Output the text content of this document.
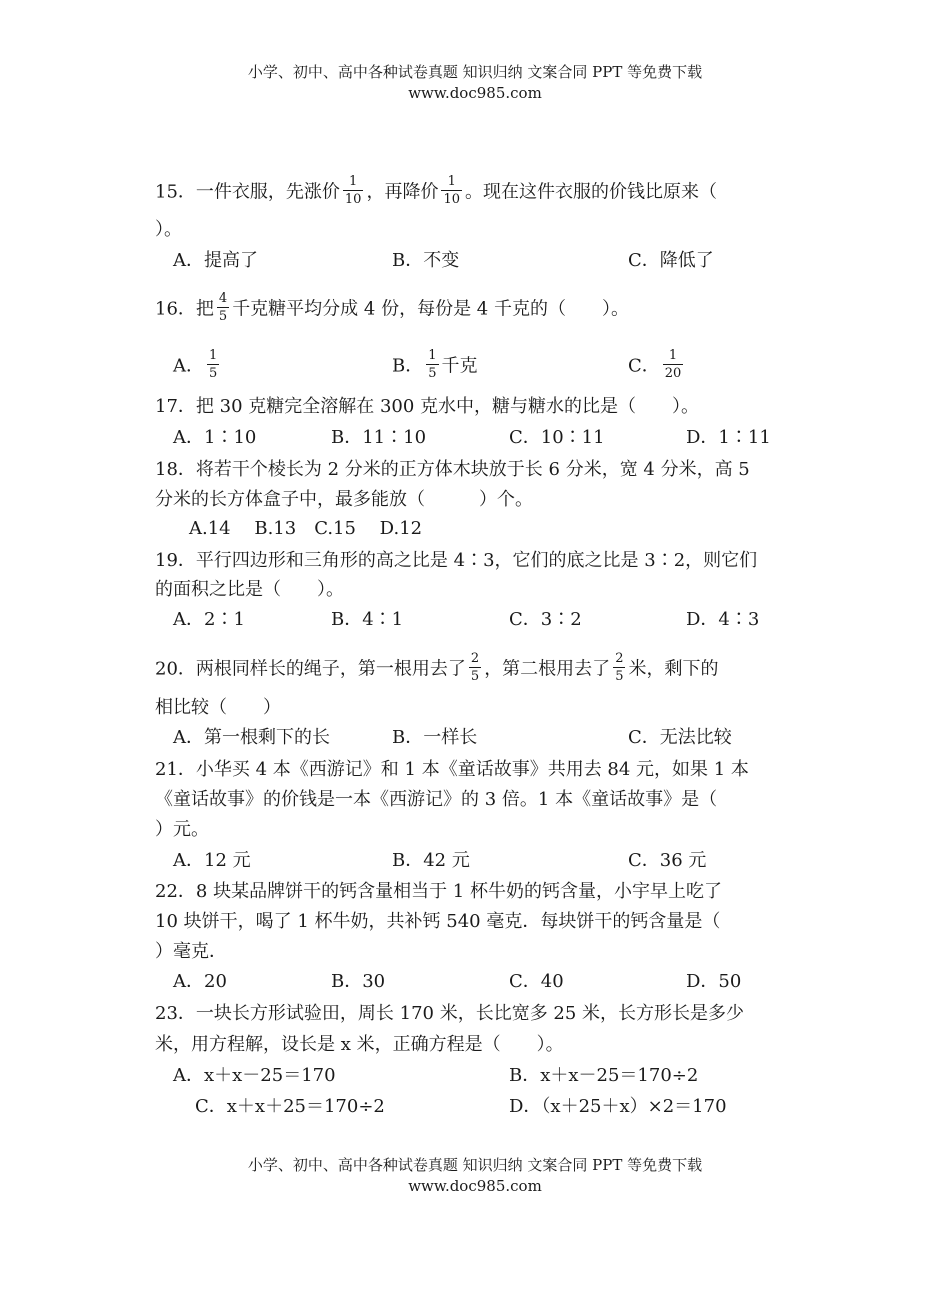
小学、初中、高中各种试卷真题 知识归纳 文案合同 PPT 等免费下载
www.doc985.com
15．一件衣服，先涨价 $\frac{1}{10}$ ，再降价 $\frac{1}{10}$ 。现在这件衣服的价钱比原来（
）。
A．提高了	B．不变	C．降低了
16．把 $\frac{4}{5}$ 千克糖平均分成 4 份，每份是 4 千克的（　　）。
A． $\frac{1}{5}$	B． $\frac{1}{5}$ 千克	C． $\frac{1}{20}$
17．把 30 克糖完全溶解在 300 克水中，糖与糖水的比是（　　）。
A．1∶10	B．11∶10	C．10∶11	D．1∶11
18．将若干个棱长为 2 分米的正方体木块放于长 6 分米，宽 4 分米，高 5
分米的长方体盒子中，最多能放（　　　）个。
A.14　 B.13　C.15　 D.12
19．平行四边形和三角形的高之比是 4∶3，它们的底之比是 3∶2，则它们
的面积之比是（　　）。
A．2∶1	B．4∶1	C．3∶2	D．4∶3
20．两根同样长的绳子，第一根用去了 $\frac{2}{5}$ ，第二根用去了 $\frac{2}{5}$ 米，剩下的
相比较（　　）
A．第一根剩下的长	B．一样长	C．无法比较
21．小华买 4 本《西游记》和 1 本《童话故事》共用去 84 元，如果 1 本
《童话故事》的价钱是一本《西游记》的 3 倍。1 本《童话故事》是（
）元。
A．12 元	B．42 元	C．36 元
22．8 块某品牌饼干的钙含量相当于 1 杯牛奶的钙含量，小宇早上吃了
10 块饼干，喝了 1 杯牛奶，共补钙 540 毫克．每块饼干的钙含量是（
）毫克．
A．20	B．30	C．40	D．50
23．一块长方形试验田，周长 170 米，长比宽多 25 米，长方形长是多少
米，用方程解，设长是 x 米，正确方程是（　　）。
A．x＋x－25＝170	B．x＋x－25＝170÷2
C．x＋x＋25＝170÷2	D．（x＋25＋x）×2＝170
小学、初中、高中各种试卷真题 知识归纳 文案合同 PPT 等免费下载
www.doc985.com
